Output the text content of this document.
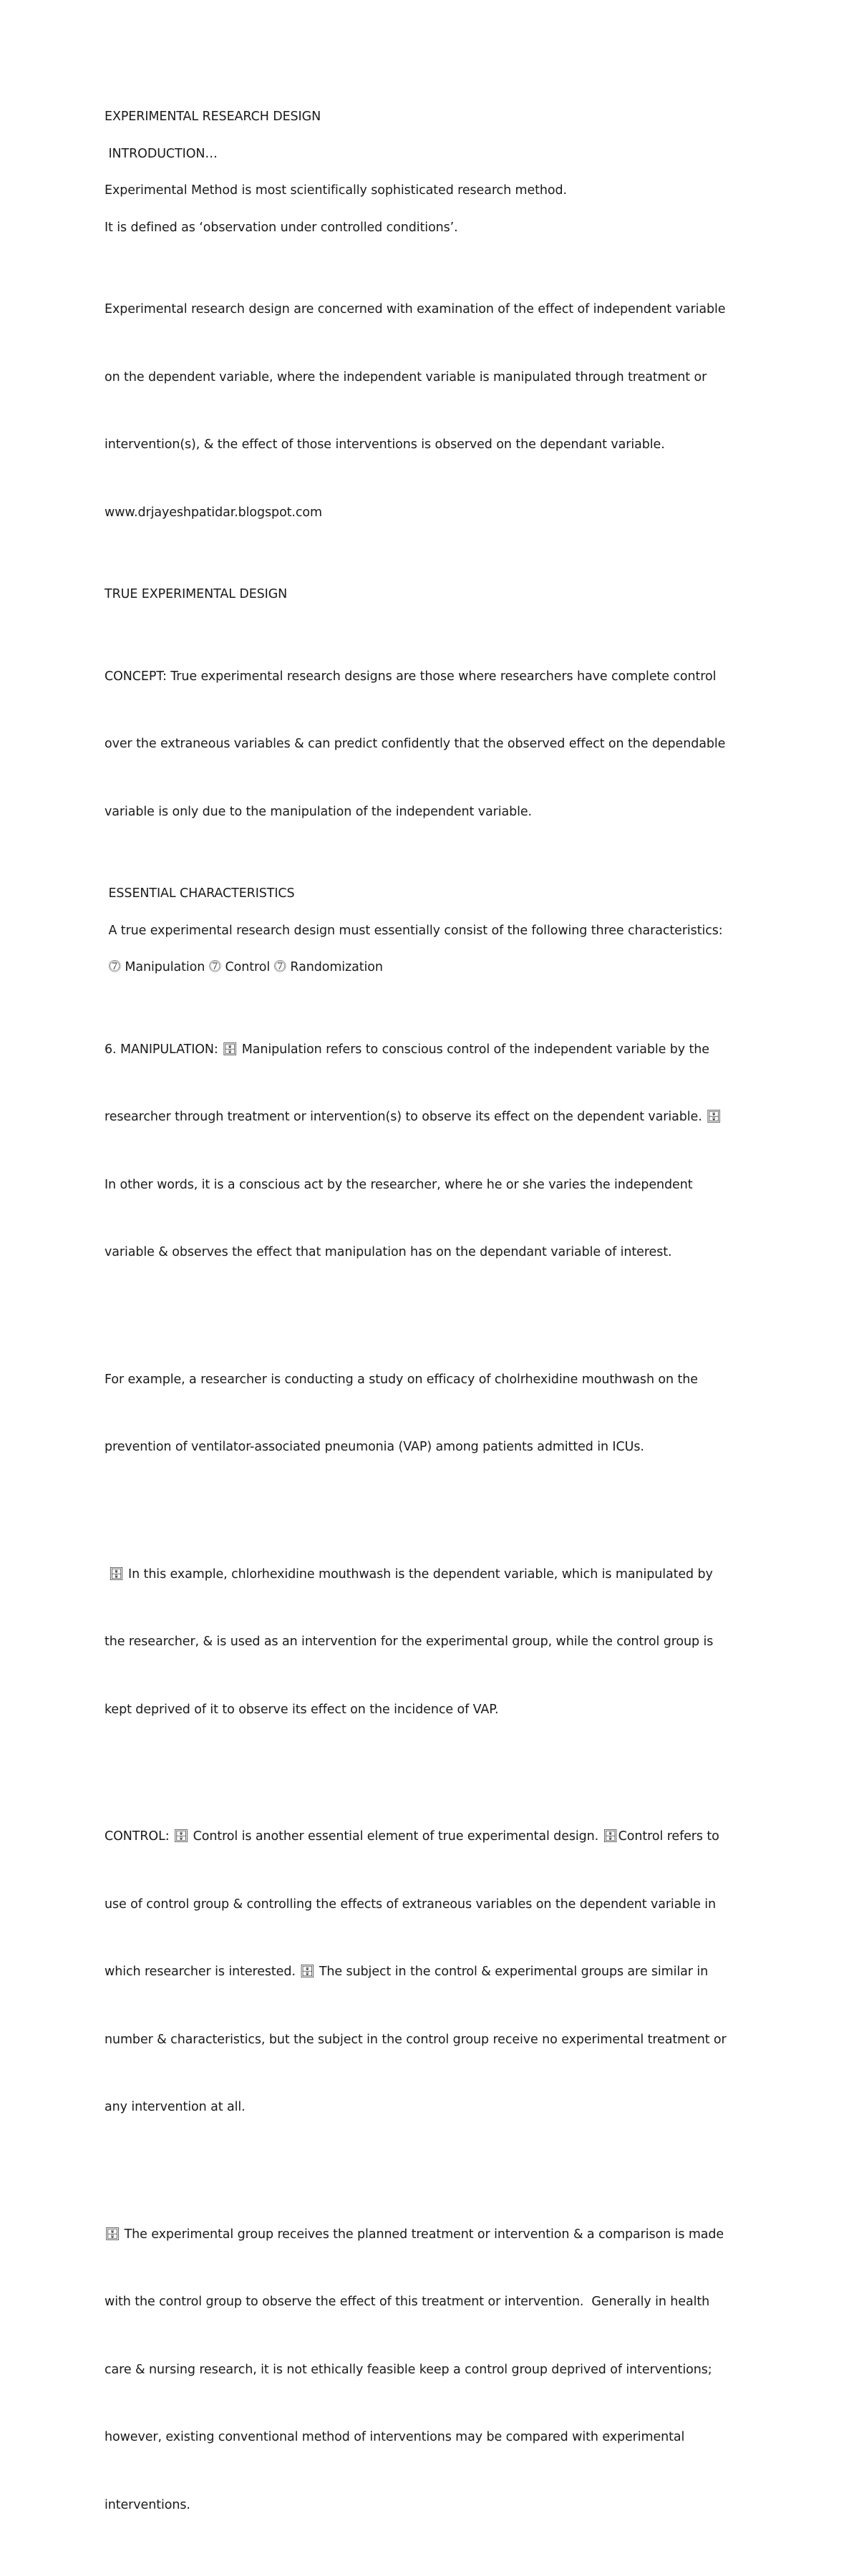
EXPERIMENTAL RESEARCH DESIGN

INTRODUCTION…

Experimental Method is most scientifically sophisticated research method.

It is defined as ‘observation under controlled conditions’.

Experimental research design are concerned with examination of the effect of independent variable

on the dependent variable, where the independent variable is manipulated through treatment or

intervention(s), & the effect of those interventions is observed on the dependant variable.

www.drjayeshpatidar.blogspot.com

TRUE EXPERIMENTAL DESIGN

CONCEPT: True experimental research designs are those where researchers have complete control

over the extraneous variables & can predict confidently that the observed effect on the dependable

variable is only due to the manipulation of the independent variable.

ESSENTIAL CHARACTERISTICS

A true experimental research design must essentially consist of the following three characteristics:

⓻ Manipulation ⓻ Control ⓻ Randomization

6. MANIPULATION: 🗄 Manipulation refers to conscious control of the independent variable by the

researcher through treatment or intervention(s) to observe its effect on the dependent variable. 🗄

In other words, it is a conscious act by the researcher, where he or she varies the independent

variable & observes the effect that manipulation has on the dependant variable of interest.

For example, a researcher is conducting a study on efficacy of cholrhexidine mouthwash on the

prevention of ventilator-associated pneumonia (VAP) among patients admitted in ICUs.

🗄 In this example, chlorhexidine mouthwash is the dependent variable, which is manipulated by

the researcher, & is used as an intervention for the experimental group, while the control group is

kept deprived of it to observe its effect on the incidence of VAP.

CONTROL: 🗄 Control is another essential element of true experimental design. 🗄Control refers to

use of control group & controlling the effects of extraneous variables on the dependent variable in

which researcher is interested. 🗄 The subject in the control & experimental groups are similar in

number & characteristics, but the subject in the control group receive no experimental treatment or

any intervention at all.

🗄 The experimental group receives the planned treatment or intervention & a comparison is made

with the control group to observe the effect of this treatment or intervention.  Generally in health

care & nursing research, it is not ethically feasible keep a control group deprived of interventions;

however, existing conventional method of interventions may be compared with experimental

interventions.
